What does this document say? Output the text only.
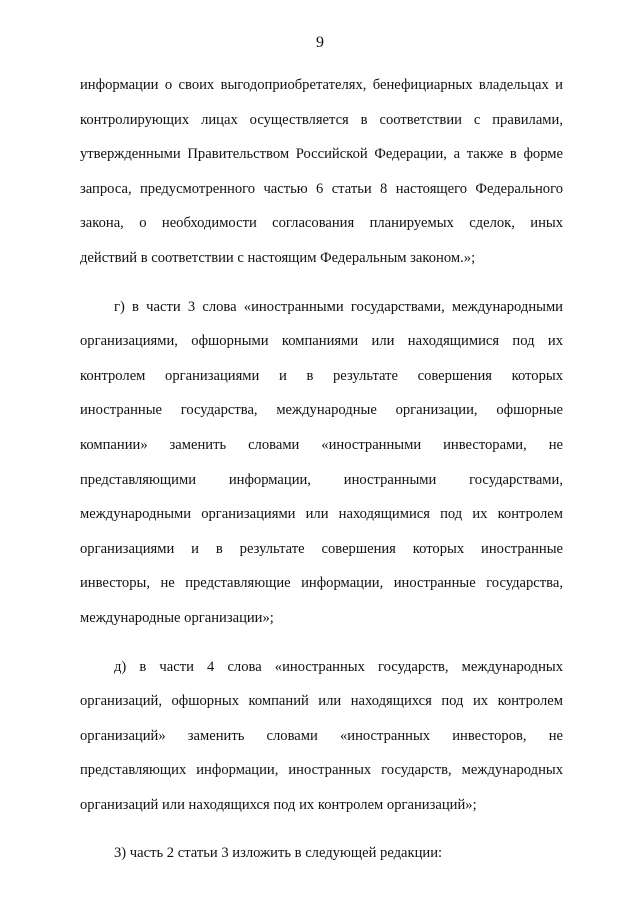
9
информации о своих выгодоприобретателях, бенефициарных владельцах и
контролирующих лицах осуществляется в соответствии с правилами,
утвержденными Правительством Российской Федерации, а также в форме
запроса, предусмотренного частью 6 статьи 8 настоящего Федерального
закона, о необходимости согласования планируемых сделок, иных
действий в соответствии с настоящим Федеральным законом.»;
г) в части 3 слова «иностранными государствами, международными
организациями, офшорными компаниями или находящимися под их
контролем организациями и в результате совершения которых
иностранные государства, международные организации, офшорные
компании» заменить словами «иностранными инвесторами, не
представляющими информации, иностранными государствами,
международными организациями или находящимися под их контролем
организациями и в результате совершения которых иностранные
инвесторы, не представляющие информации, иностранные государства,
международные организации»;
д) в части 4 слова «иностранных государств, международных
организаций, офшорных компаний или находящихся под их контролем
организаций» заменить словами «иностранных инвесторов, не
представляющих информации, иностранных государств, международных
организаций или находящихся под их контролем организаций»;
3) часть 2 статьи 3 изложить в следующей редакции:
